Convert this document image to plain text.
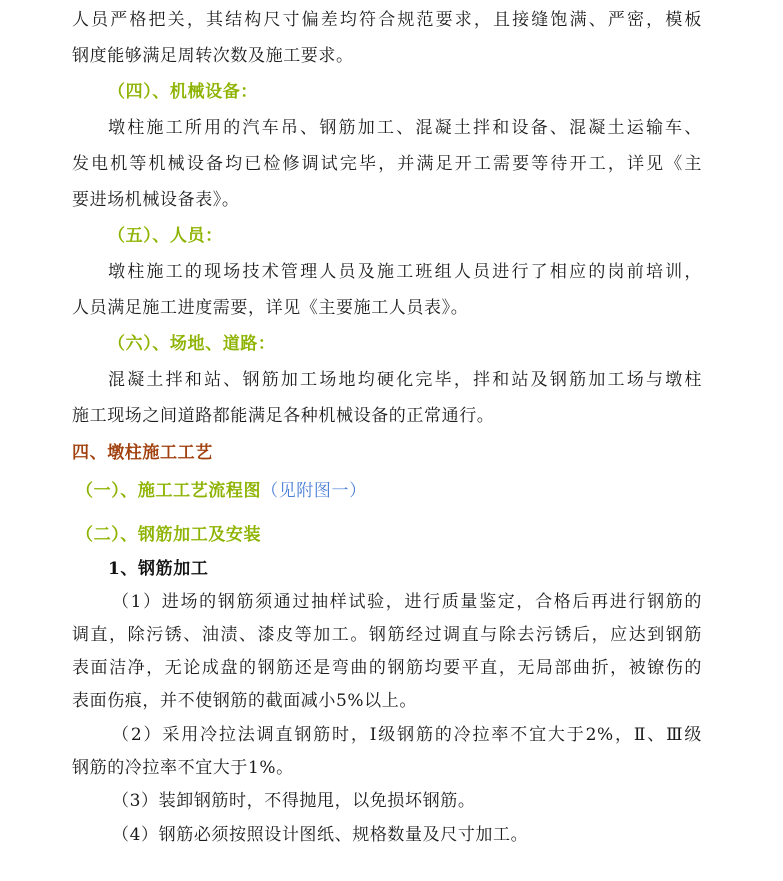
人员严格把关，其结构尺寸偏差均符合规范要求，且接缝饱满、严密，模板
钢度能够满足周转次数及施工要求。
（四）、机械设备：
墩柱施工所用的汽车吊、钢筋加工、混凝土拌和设备、混凝土运输车、
发电机等机械设备均已检修调试完毕，并满足开工需要等待开工，详见《主
要进场机械设备表》。
（五）、人员：
墩柱施工的现场技术管理人员及施工班组人员进行了相应的岗前培训，
人员满足施工进度需要，详见《主要施工人员表》。
（六）、场地、道路：
混凝土拌和站、钢筋加工场地均硬化完毕，拌和站及钢筋加工场与墩柱
施工现场之间道路都能满足各种机械设备的正常通行。
四、墩柱施工工艺
（一）、施工工艺流程图（见附图一）
（二）、钢筋加工及安装
1、钢筋加工
（1）进场的钢筋须通过抽样试验，进行质量鉴定，合格后再进行钢筋的
调直，除污锈、油渍、漆皮等加工。钢筋经过调直与除去污锈后，应达到钢筋
表面洁净，无论成盘的钢筋还是弯曲的钢筋均要平直，无局部曲折，被镣伤的
表面伤痕，并不使钢筋的截面减小5%以上。
（2）采用冷拉法调直钢筋时，Ⅰ级钢筋的冷拉率不宜大于2%，Ⅱ、Ⅲ级
钢筋的冷拉率不宜大于1%。
（3）装卸钢筋时，不得抛甩，以免损坏钢筋。
（4）钢筋必须按照设计图纸、规格数量及尺寸加工。
